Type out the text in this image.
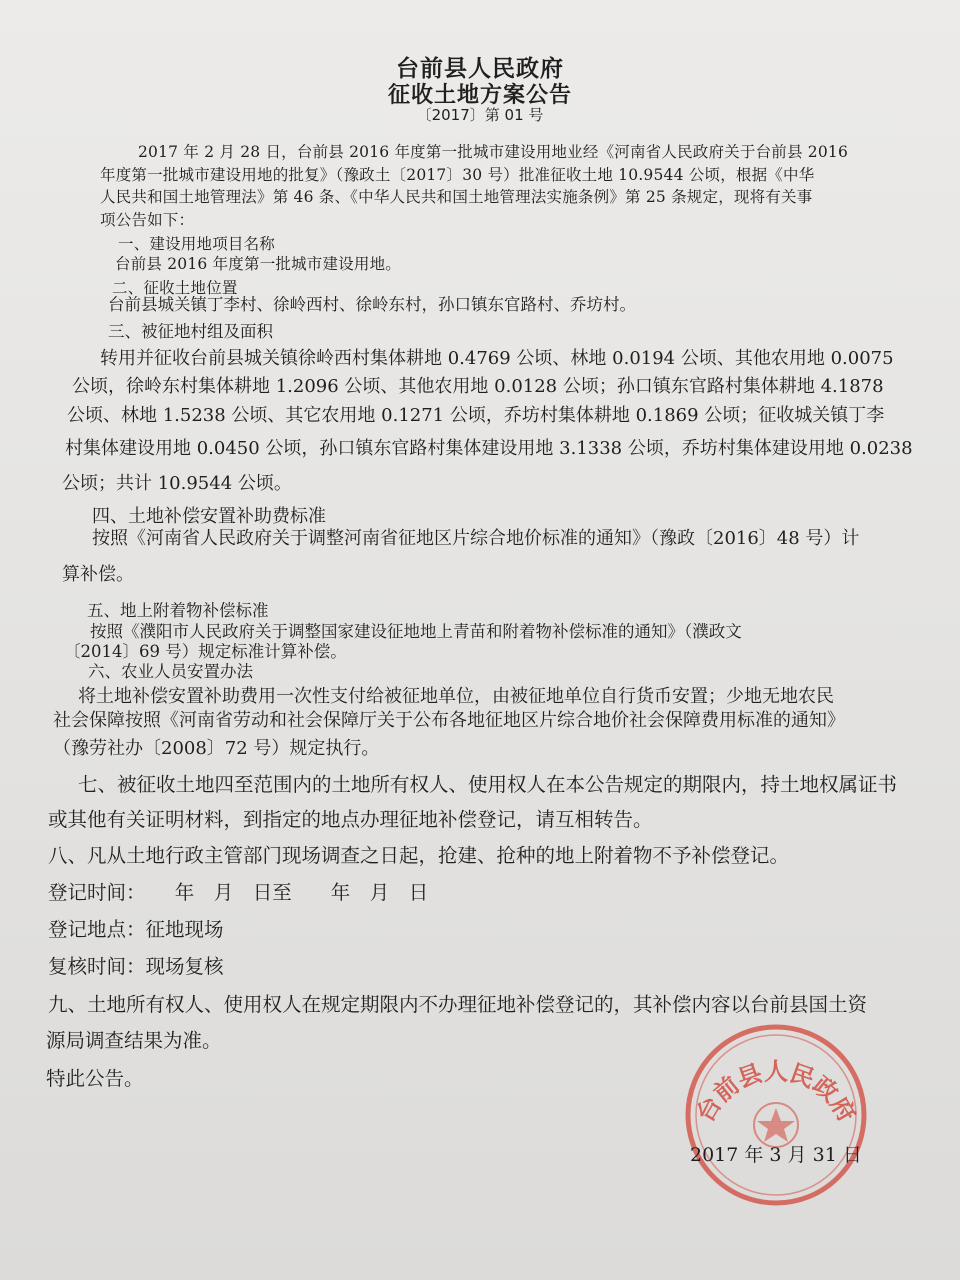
台前县人民政府
征收土地方案公告
〔2017〕第 01 号
2017 年 2 月 28 日，台前县 2016 年度第一批城市建设用地业经《河南省人民政府关于台前县 2016
年度第一批城市建设用地的批复》（豫政土〔2017〕30 号）批准征收土地 10.9544 公顷，根据《中华
人民共和国土地管理法》第 46 条、《中华人民共和国土地管理法实施条例》第 25 条规定，现将有关事
项公告如下：
一、建设用地项目名称
台前县 2016 年度第一批城市建设用地。
二、征收土地位置
台前县城关镇丁李村、徐岭西村、徐岭东村，孙口镇东官路村、乔坊村。
三、被征地村组及面积
转用并征收台前县城关镇徐岭西村集体耕地 0.4769 公顷、林地 0.0194 公顷、其他农用地 0.0075
公顷，徐岭东村集体耕地 1.2096 公顷、其他农用地 0.0128 公顷；孙口镇东官路村集体耕地 4.1878
公顷、林地 1.5238 公顷、其它农用地 0.1271 公顷，乔坊村集体耕地 0.1869 公顷；征收城关镇丁李
村集体建设用地 0.0450 公顷，孙口镇东官路村集体建设用地 3.1338 公顷，乔坊村集体建设用地 0.0238
公顷；共计 10.9544 公顷。
四、土地补偿安置补助费标准
按照《河南省人民政府关于调整河南省征地区片综合地价标准的通知》（豫政〔2016〕48 号）计
算补偿。
五、地上附着物补偿标准
按照《濮阳市人民政府关于调整国家建设征地地上青苗和附着物补偿标准的通知》（濮政文
〔2014〕69 号）规定标准计算补偿。
六、农业人员安置办法
将土地补偿安置补助费用一次性支付给被征地单位，由被征地单位自行货币安置；少地无地农民
社会保障按照《河南省劳动和社会保障厅关于公布各地征地区片综合地价社会保障费用标准的通知》
（豫劳社办〔2008〕72 号）规定执行。
七、被征收土地四至范围内的土地所有权人、使用权人在本公告规定的期限内，持土地权属证书
或其他有关证明材料，到指定的地点办理征地补偿登记，请互相转告。
八、凡从土地行政主管部门现场调查之日起，抢建、抢种的地上附着物不予补偿登记。
登记时间：　　年　月　日至　　年　月　日
登记地点：征地现场
复核时间：现场复核
九、土地所有权人、使用权人在规定期限内不办理征地补偿登记的，其补偿内容以台前县国土资
源局调查结果为准。
特此公告。
台前县人民政府
2017 年 3 月 31 日
